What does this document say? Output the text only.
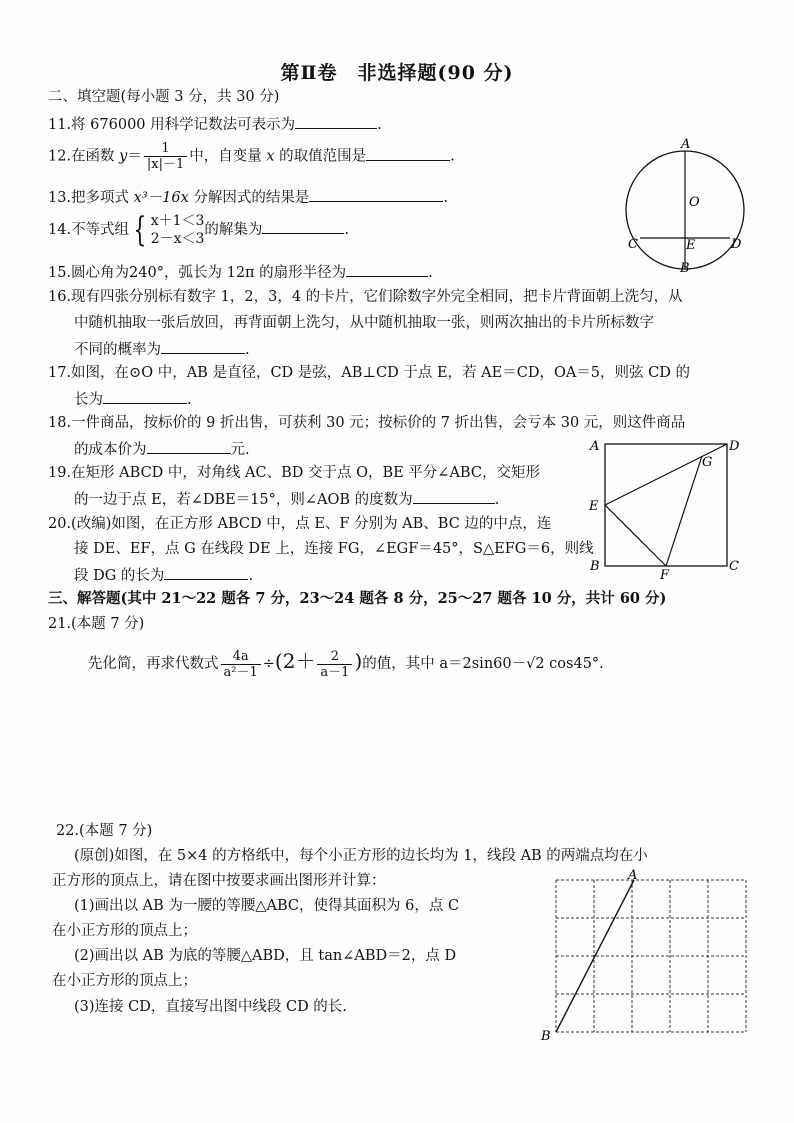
第Ⅱ卷　非选择题(90 分)
二、填空题(每小题 3 分，共 30 分)
11.将 676000 用科学记数法可表示为	.
12.在函数 $y= \frac{1}{|x|-1}$ 中，自变量 x 的取值范围是	.
13.把多项式 x³－16x 分解因式的结果是	.
14.不等式组 { x＋1＜3
2－x＜3
的解集为	.
15.圆心角为240°，弧长为 12π 的扇形半径为	.
16.现有四张分别标有数字 1，2，3，4 的卡片，它们除数字外完全相同，把卡片背面朝上洗匀，从
中随机抽取一张后放回，再背面朝上洗匀，从中随机抽取一张，则两次抽出的卡片所标数字
不同的概率为	.
17.如图，在⊙O 中，AB 是直径，CD 是弦，AB⊥CD 于点 E，若 AE＝CD，OA＝5，则弦 CD 的
长为	.
18.一件商品，按标价的 9 折出售，可获利 30 元；按标价的 7 折出售，会亏本 30 元，则这件商品
的成本价为	元.
19.在矩形 ABCD 中，对角线 AC、BD 交于点 O，BE 平分∠ABC，交矩形
的一边于点 E，若∠DBE＝15°，则∠AOB 的度数为	.
20.(改编)如图，在正方形 ABCD 中，点 E、F 分别为 AB、BC 边的中点，连
接 DE、EF，点 G 在线段 DE 上，连接 FG，∠EGF＝45°，S△EFG＝6，则线
段 DG 的长为	.
三、解答题(其中 21～22 题各 7 分，23～24 题各 8 分，25～27 题各 10 分，共计 60 分)
21.(本题 7 分)
先化简，再求代数式 $\frac{4a}{\text{a²－1}} \div(2+ \frac{2}{a-1}$ )的值，其中 a＝2sin60－√2 cos45°.
22.(本题 7 分)
(原创)如图，在 5×4 的方格纸中，每个小正方形的边长均为 1，线段 AB 的两端点均在小
正方形的顶点上，请在图中按要求画出图形并计算：
(1)画出以 AB 为一腰的等腰△ABC，使得其面积为 6，点 C
在小正方形的顶点上；
(2)画出以 AB 为底的等腰△ABD，且 tan∠ABD＝2，点 D
在小正方形的顶点上；
(3)连接 CD，直接写出图中线段 CD 的长.
A
O
C	E	D
B
A	D
G
E
B
F
C
A
B
